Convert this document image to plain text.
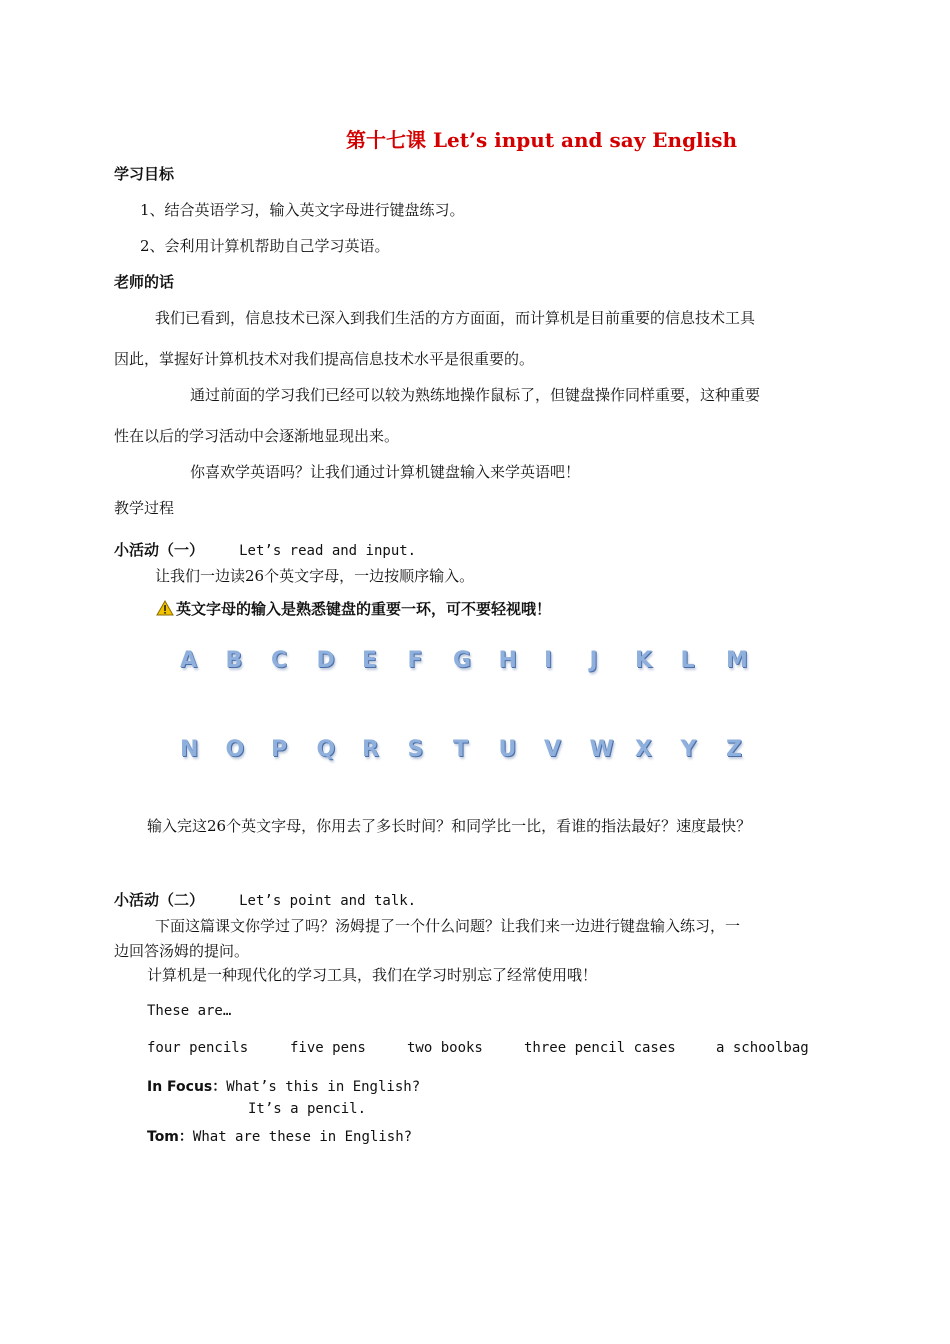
第十七课 Let’s input and say English
学习目标
1、结合英语学习，输入英文字母进行键盘练习。
2、会利用计算机帮助自己学习英语。
老师的话
我们已看到，信息技术已深入到我们生活的方方面面，而计算机是目前重要的信息技术工具
因此，掌握好计算机技术对我们提高信息技术水平是很重要的。
通过前面的学习我们已经可以较为熟练地操作鼠标了，但键盘操作同样重要，这种重要
性在以后的学习活动中会逐渐地显现出来。
你喜欢学英语吗？让我们通过计算机键盘输入来学英语吧！
教学过程
小活动（一）	Let’s read and input.
让我们一边读26个英文字母，一边按顺序输入。
英文字母的输入是熟悉键盘的重要一环，可不要轻视哦！
A	B	C	D	E	F	G	H	I	J	K	L	M
N	O	P	Q	R	S	T	U	V	W X	Y	Z
输入完这26个英文字母，你用去了多长时间？和同学比一比，看谁的指法最好？速度最快？
小活动（二）	Let’s point and talk.
下面这篇课文你学过了吗？汤姆提了一个什么问题？让我们来一边进行键盘输入练习，一
边回答汤姆的提问。
计算机是一种现代化的学习工具，我们在学习时别忘了经常使用哦！
These are…
four pencils	five pens	two books	three pencil cases	a schoolbag
In Focus：What’s this in English?
It’s a pencil.
Tom：What are these in English?
